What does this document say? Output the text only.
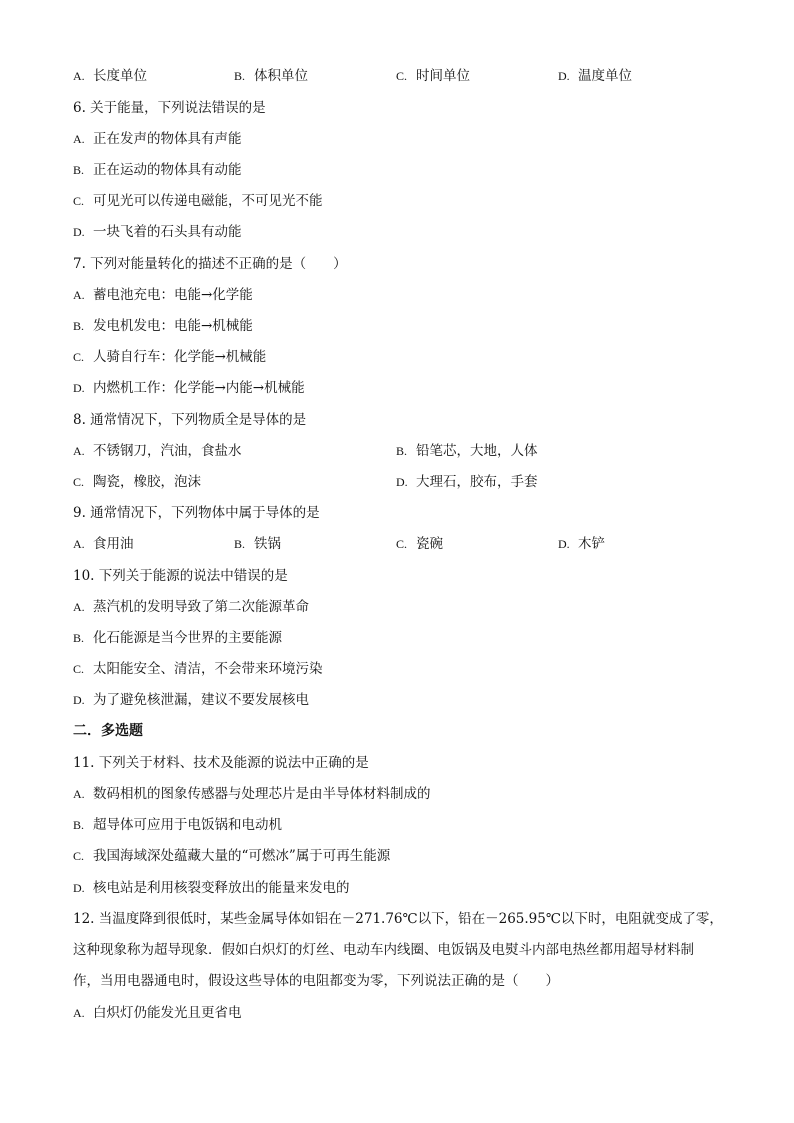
A. 长度单位	B. 体积单位	C. 时间单位	D. 温度单位
6. 关于能量，下列说法错误的是
A. 正在发声的物体具有声能
B. 正在运动的物体具有动能
C. 可见光可以传递电磁能，不可见光不能
D. 一块飞着的石头具有动能
7. 下列对能量转化的描述不正确的是（　　）
A. 蓄电池充电：电能→化学能
B. 发电机发电：电能→机械能
C. 人骑自行车：化学能→机械能
D. 内燃机工作：化学能→内能→机械能
8. 通常情况下，下列物质全是导体的是
A. 不锈钢刀，汽油，食盐水	B. 铅笔芯，大地，人体
C. 陶瓷，橡胶，泡沫	D. 大理石，胶布，手套
9. 通常情况下，下列物体中属于导体的是
A. 食用油	B. 铁锅	C. 瓷碗	D. 木铲
10. 下列关于能源的说法中错误的是
A. 蒸汽机的发明导致了第二次能源革命
B. 化石能源是当今世界的主要能源
C. 太阳能安全、清洁，不会带来环境污染
D. 为了避免核泄漏，建议不要发展核电
二．多选题
11. 下列关于材料、技术及能源的说法中正确的是
A. 数码相机的图象传感器与处理芯片是由半导体材料制成的
B. 超导体可应用于电饭锅和电动机
C. 我国海域深处蕴藏大量的“可燃冰”属于可再生能源
D. 核电站是利用核裂变释放出的能量来发电的
12. 当温度降到很低时，某些金属导体如铝在－271.76℃以下，铅在－265.95℃以下时，电阻就变成了零，
这种现象称为超导现象．假如白炽灯的灯丝、电动车内线圈、电饭锅及电熨斗内部电热丝都用超导材料制
作，当用电器通电时，假设这些导体的电阻都变为零，下列说法正确的是（　　）
A. 白炽灯仍能发光且更省电
